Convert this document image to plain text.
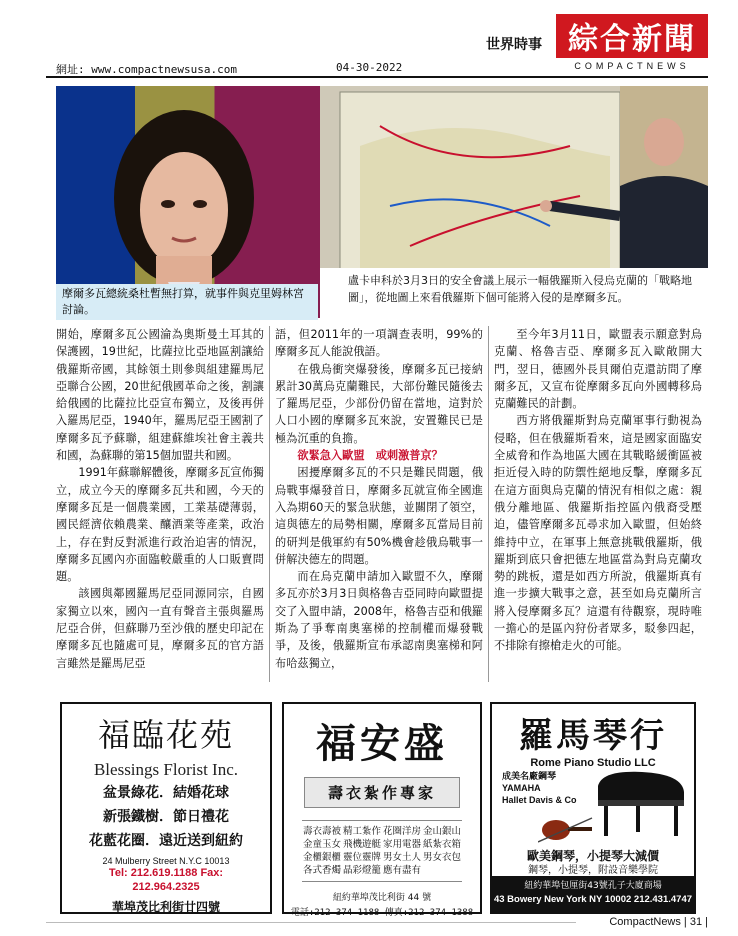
網址: www.compactnewsusa.com	04-30-2022
世界時事 綜合新聞
COMPACTNEWS
摩爾多瓦總統桑杜暫無打算，就事件與克里姆林宮討論。
盧卡申科於3月3日的安全會議上展示一幅俄羅斯入侵烏克蘭的「戰略地圖」，從地圖上來看俄羅斯下個可能將入侵的是摩爾多瓦。

開始，摩爾多瓦公國淪為奧斯曼土耳其的保護國，19世紀，比薩拉比亞地區割讓給俄羅斯帝國，其餘領土則參與組建羅馬尼亞聯合公國，20世紀俄國革命之後，割讓給俄國的比薩拉比亞宣布獨立，及後再併入羅馬尼亞，1940年，羅馬尼亞王國割了摩爾多瓦予蘇聯，組建蘇維埃社會主義共和國，為蘇聯的第15個加盟共和國。

1991年蘇聯解體後，摩爾多瓦宣佈獨立，成立今天的摩爾多瓦共和國，今天的摩爾多瓦是一個農業國，工業基礎薄弱，國民經濟依賴農業、釀酒業等產業，政治上，存在對反對派進行政治迫害的情況，摩爾多瓦國內亦面臨較嚴重的人口販賣問題。

該國與鄰國羅馬尼亞同源同宗，自國家獨立以來，國內一直有聲音主張與羅馬尼亞合併，但蘇聯乃至沙俄的歷史印記在摩爾多瓦也隨處可見，摩爾多瓦的官方語言雖然是羅馬尼亞

語，但2011年的一項調查表明，99%的摩爾多瓦人能說俄語。

在俄烏衝突爆發後，摩爾多瓦已接納累計30萬烏克蘭難民，大部份難民隨後去了羅馬尼亞，少部份仍留在當地，這對於人口小國的摩爾多瓦來說，安置難民已是極為沉重的負擔。

欲緊急入歐盟　或刺激普京？

困擾摩爾多瓦的不只是難民問題，俄烏戰事爆發首日，摩爾多瓦就宣佈全國進入為期60天的緊急狀態，並關閉了領空，這與德左的局勢相關，摩爾多瓦當局目前的研判是俄軍約有50%機會趁俄烏戰事一併解決德左的問題。

而在烏克蘭申請加入歐盟不久，摩爾多瓦亦於3月3日與格魯吉亞同時向歐盟提交了入盟申請，2008年，格魯吉亞和俄羅斯為了爭奪南奧塞梯的控制權而爆發戰爭，及後，俄羅斯宣布承認南奧塞梯和阿布哈茲獨立，

至今年3月11日，歐盟表示願意對烏克蘭、格魯吉亞、摩爾多瓦入歐敞開大門，翌日，德國外長貝爾伯克還訪問了摩爾多瓦，又宣布從摩爾多瓦向外國轉移烏克蘭難民的計劃。

西方將俄羅斯對烏克蘭軍事行動視為侵略，但在俄羅斯看來，這是國家面臨安全威脅和作為地區大國在其戰略緩衝區被拒近侵入時的防禦性絕地反擊，摩爾多瓦在這方面與烏克蘭的情況有相似之處：親俄分離地區、俄羅斯指控區內俄裔受壓迫，儘管摩爾多瓦尋求加入歐盟，但始終維持中立，在軍事上無意挑戰俄羅斯，俄羅斯到底只會把德左地區當為對烏克蘭攻勢的跳板，還是如西方所說，俄羅斯真有進一步擴大戰事之意，甚至如烏克蘭所言將入侵摩爾多瓦？這還有待觀察，現時唯一擔心的是區內狩份者眾多，駁參四起，不排除有擦槍走火的可能。

福臨花苑
Blessings Florist Inc.
盆景綠花．結婚花球
新張鐵樹．節日禮花
花藍花圈．遠近送到紐約
24 Mulberry Street N.Y.C 10013
Tel: 212.619.1188 Fax:
212.964.2325
華埠茂比利街廿四號
福安盛
壽衣紮作專家
壽衣壽被 精工紮作 花圈洋房 金山銀山
金童玉女 飛機遊艇 家用電器 紙紮衣箱
金櫃銀櫃 靈位靈牌 男女土人 男女衣包
各式香燭 晶彩燈籠 應有盡有
紐約華埠茂比利街 44 號
電話:212-374-1188 傳真:212-374-1388
羅馬琴行
Rome Piano Studio LLC
成美名廠鋼琴
YAMAHA
Hallet Davis & Co
歐美鋼琴，小提琴大減價
鋼琴，小提琴，附設音樂學院
紐約華埠包厘街43號孔子大廈商場
43 Bowery New York NY 10002 212.431.4747
CompactNews | 31 |
